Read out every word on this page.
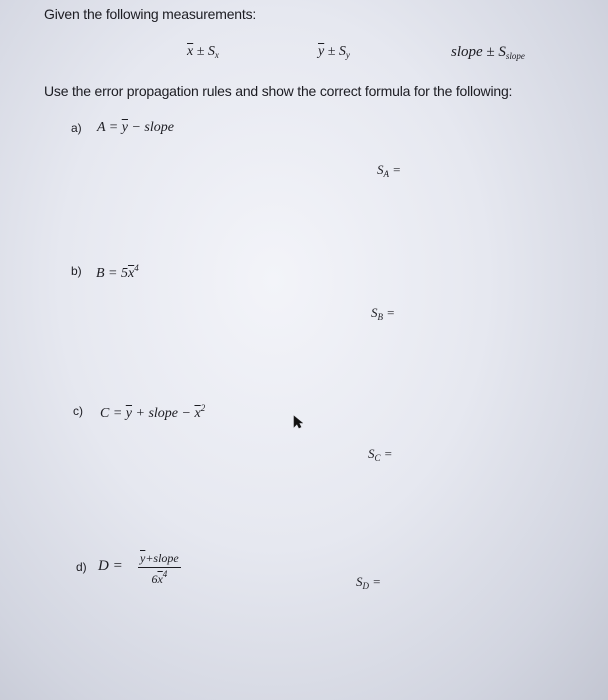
Given the following measurements:
$\overline{x} \pm S_x$	$\overline{y} \pm S_y$	slope ± $S_{slope}$
Use the error propagation rules and show the correct formula for the following:
a) $A = \overline{y}$ − slope
$S_A$ =
b) $B = 5\overline{x}^4$
$S_B$ =
c) $C = \overline{y}$ + slope − $\overline{x}^2$
$S_C$ =
d) $D = \overline{y}+slope$
$6\overline{x}^4$	$S_D$ =
